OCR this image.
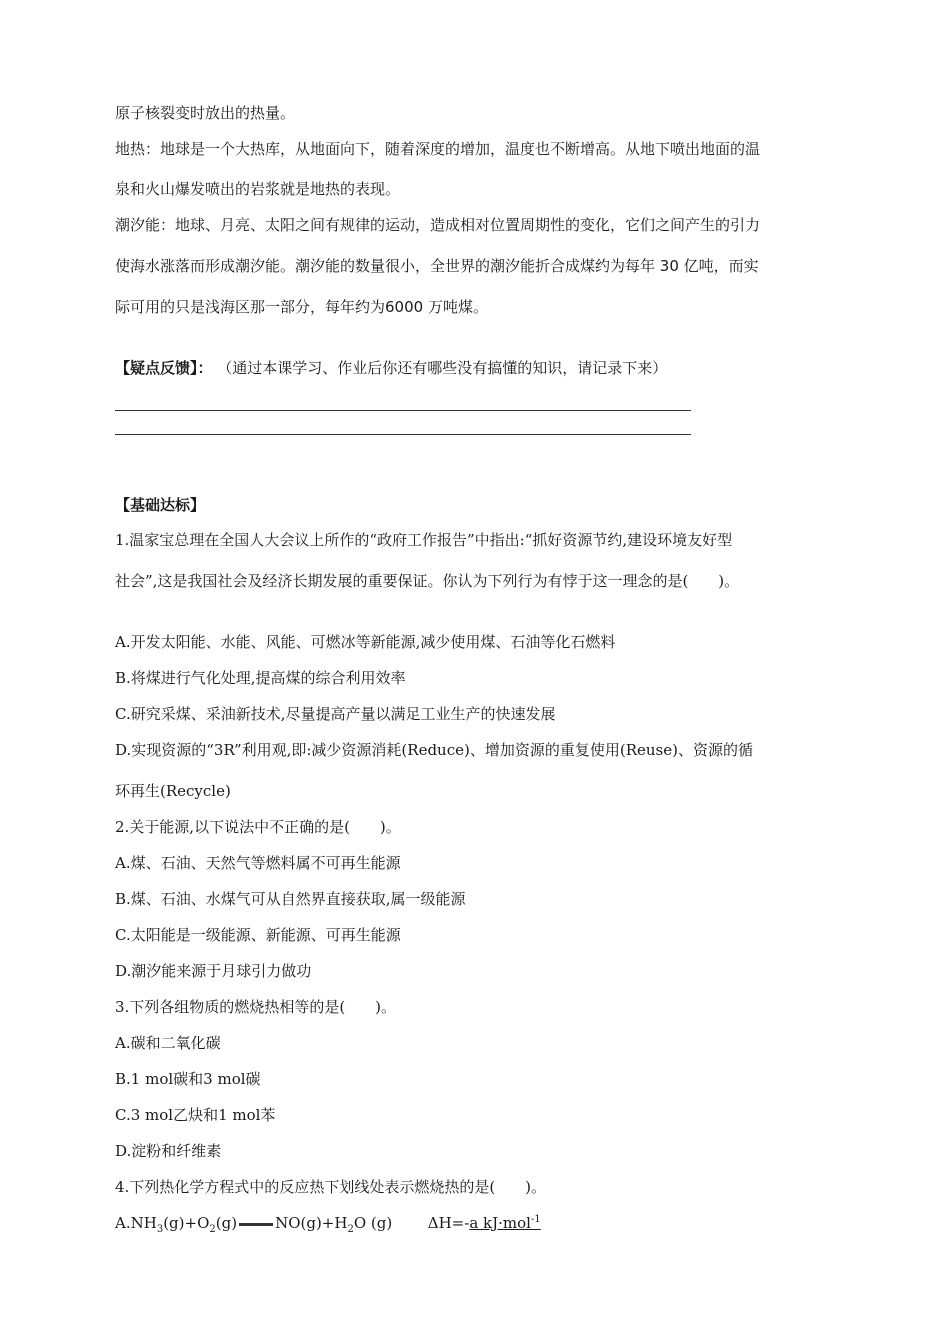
原子核裂变时放出的热量。
地热：地球是一个大热库，从地面向下，随着深度的增加，温度也不断增高。从地下喷出地面的温
泉和火山爆发喷出的岩浆就是地热的表现。
潮汐能：地球、月亮、太阳之间有规律的运动，造成相对位置周期性的变化，它们之间产生的引力
使海水涨落而形成潮汐能。潮汐能的数量很小，全世界的潮汐能折合成煤约为每年 30 亿吨，而实
际可用的只是浅海区那一部分，每年约为6000 万吨煤。
【疑点反馈】： （通过本课学习、作业后你还有哪些没有搞懂的知识，请记录下来）
【基础达标】
1.温家宝总理在全国人大会议上所作的“政府工作报告”中指出:“抓好资源节约,建设环境友好型
社会”,这是我国社会及经济长期发展的重要保证。你认为下列行为有悖于这一理念的是(　　)。
A.开发太阳能、水能、风能、可燃冰等新能源,减少使用煤、石油等化石燃料
B.将煤进行气化处理,提高煤的综合利用效率
C.研究采煤、采油新技术,尽量提高产量以满足工业生产的快速发展
D.实现资源的“3R”利用观,即:减少资源消耗(Reduce)、增加资源的重复使用(Reuse)、资源的循
环再生(Recycle)
2.关于能源,以下说法中不正确的是(　　)。
A.煤、石油、天然气等燃料属不可再生能源
B.煤、石油、水煤气可从自然界直接获取,属一级能源
C.太阳能是一级能源、新能源、可再生能源
D.潮汐能来源于月球引力做功
3.下列各组物质的燃烧热相等的是(　　)。
A.碳和二氧化碳
B.1 mol碳和3 mol碳
C.3 mol乙炔和1 mol苯
D.淀粉和纤维素
4.下列热化学方程式中的反应热下划线处表示燃烧热的是(　　)。
$A.NH_3(g)+O_2(g)$	$NO(g)+H_2O$ (g) ΔH=-a kJ·mol$^{-1}$
